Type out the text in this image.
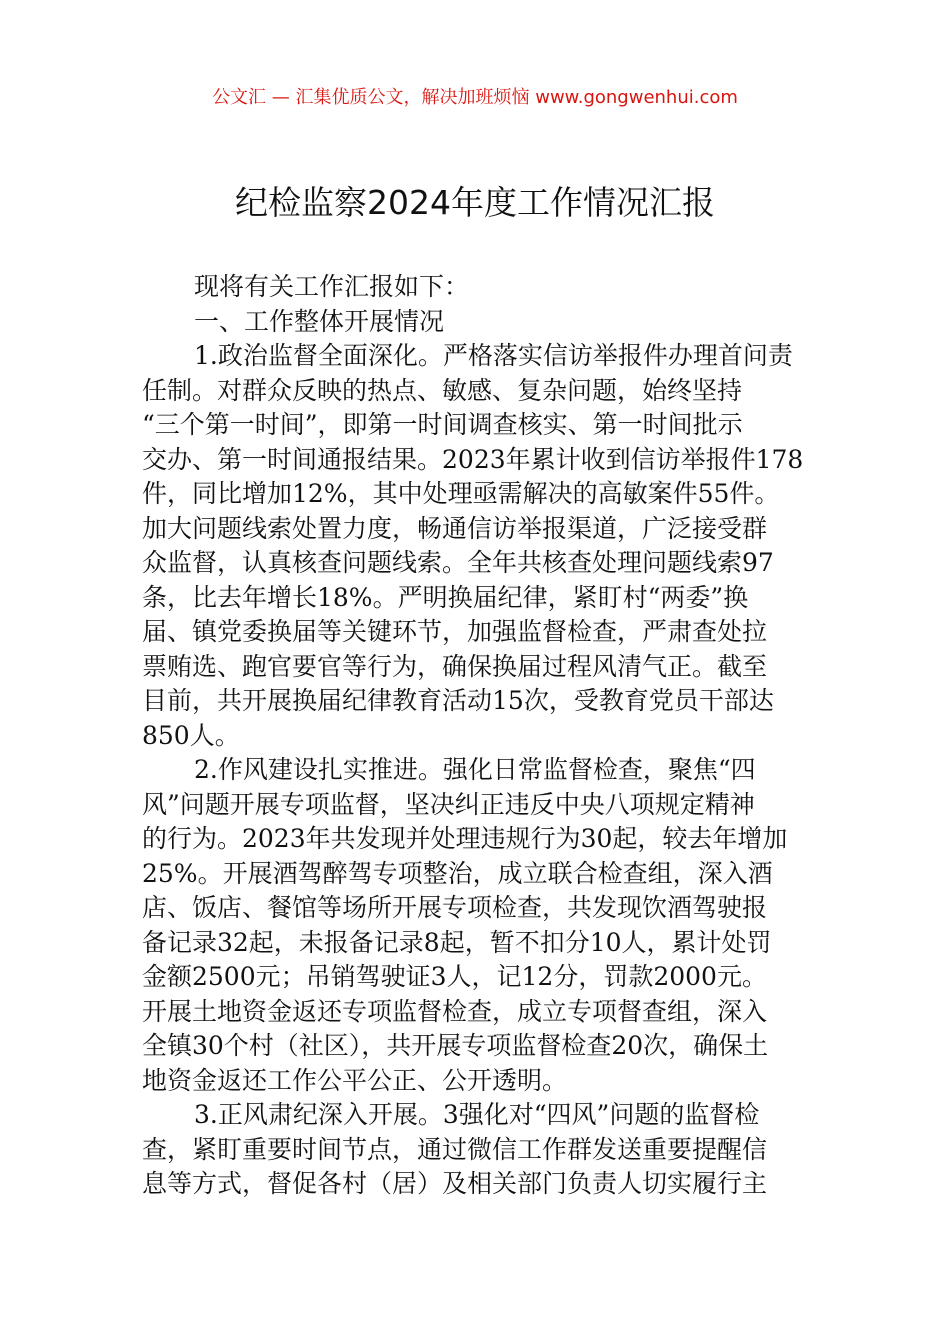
公文汇 — 汇集优质公文，解决加班烦恼 www.gongwenhui.com
纪检监察2024年度工作情况汇报
现将有关工作汇报如下：
一、工作整体开展情况
1.政治监督全面深化。严格落实信访举报件办理首问责
任制。对群众反映的热点、敏感、复杂问题，始终坚持
“三个第一时间”，即第一时间调查核实、第一时间批示
交办、第一时间通报结果。2023年累计收到信访举报件178
件，同比增加12%，其中处理亟需解决的高敏案件55件。
加大问题线索处置力度，畅通信访举报渠道，广泛接受群
众监督，认真核查问题线索。全年共核查处理问题线索97
条，比去年增长18%。严明换届纪律，紧盯村“两委”换
届、镇党委换届等关键环节，加强监督检查，严肃查处拉
票贿选、跑官要官等行为，确保换届过程风清气正。截至
目前，共开展换届纪律教育活动15次，受教育党员干部达
850人。
2.作风建设扎实推进。强化日常监督检查，聚焦“四
风”问题开展专项监督，坚决纠正违反中央八项规定精神
的行为。2023年共发现并处理违规行为30起，较去年增加
25%。开展酒驾醉驾专项整治，成立联合检查组，深入酒
店、饭店、餐馆等场所开展专项检查，共发现饮酒驾驶报
备记录32起，未报备记录8起，暂不扣分10人，累计处罚
金额2500元；吊销驾驶证3人，记12分，罚款2000元。
开展土地资金返还专项监督检查，成立专项督查组，深入
全镇30个村（社区），共开展专项监督检查20次，确保土
地资金返还工作公平公正、公开透明。
3.正风肃纪深入开展。3强化对“四风”问题的监督检
查，紧盯重要时间节点，通过微信工作群发送重要提醒信
息等方式，督促各村（居）及相关部门负责人切实履行主
